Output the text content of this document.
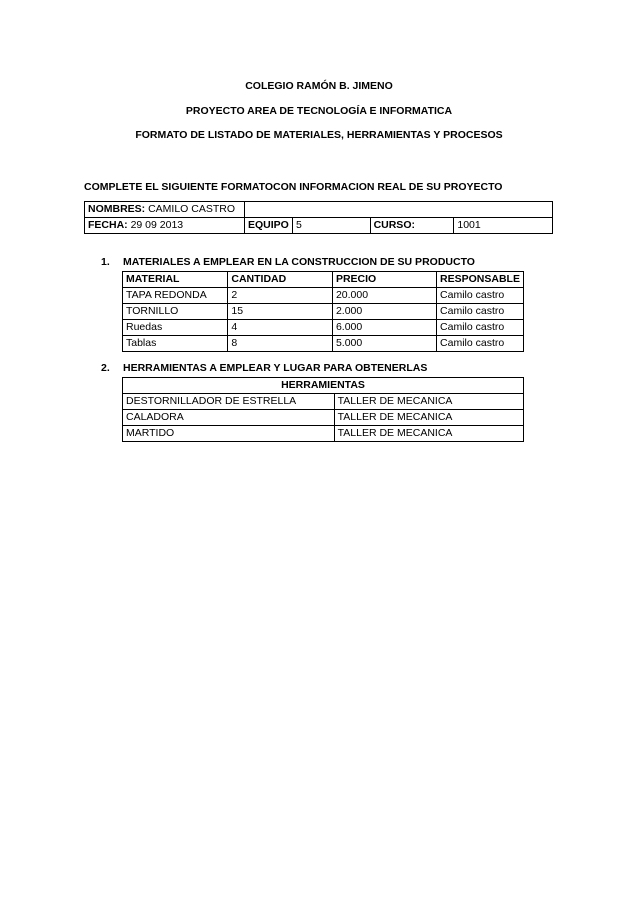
COLEGIO RAMÓN B. JIMENO
PROYECTO AREA DE TECNOLOGÍA E INFORMATICA
FORMATO DE LISTADO DE MATERIALES, HERRAMIENTAS Y PROCESOS
COMPLETE EL SIGUIENTE FORMATOCON INFORMACION REAL DE SU PROYECTO
NOMBRES: CAMILO CASTRO				
FECHA: 29 09 2013	EQUIPO	5	CURSO:	1001
1. MATERIALES A EMPLEAR EN LA CONSTRUCCION DE SU PRODUCTO
MATERIAL	CANTIDAD	PRECIO	RESPONSABLE
TAPA REDONDA	2	20.000	Camilo castro
TORNILLO	15	2.000	Camilo castro
Ruedas	4	6.000	Camilo castro
Tablas	8	5.000	Camilo castro
2. HERRAMIENTAS A EMPLEAR Y LUGAR PARA OBTENERLAS
HERRAMIENTAS	
DESTORNILLADOR DE ESTRELLA	TALLER DE MECANICA
CALADORA	TALLER DE MECANICA
MARTIDO	TALLER DE MECANICA
